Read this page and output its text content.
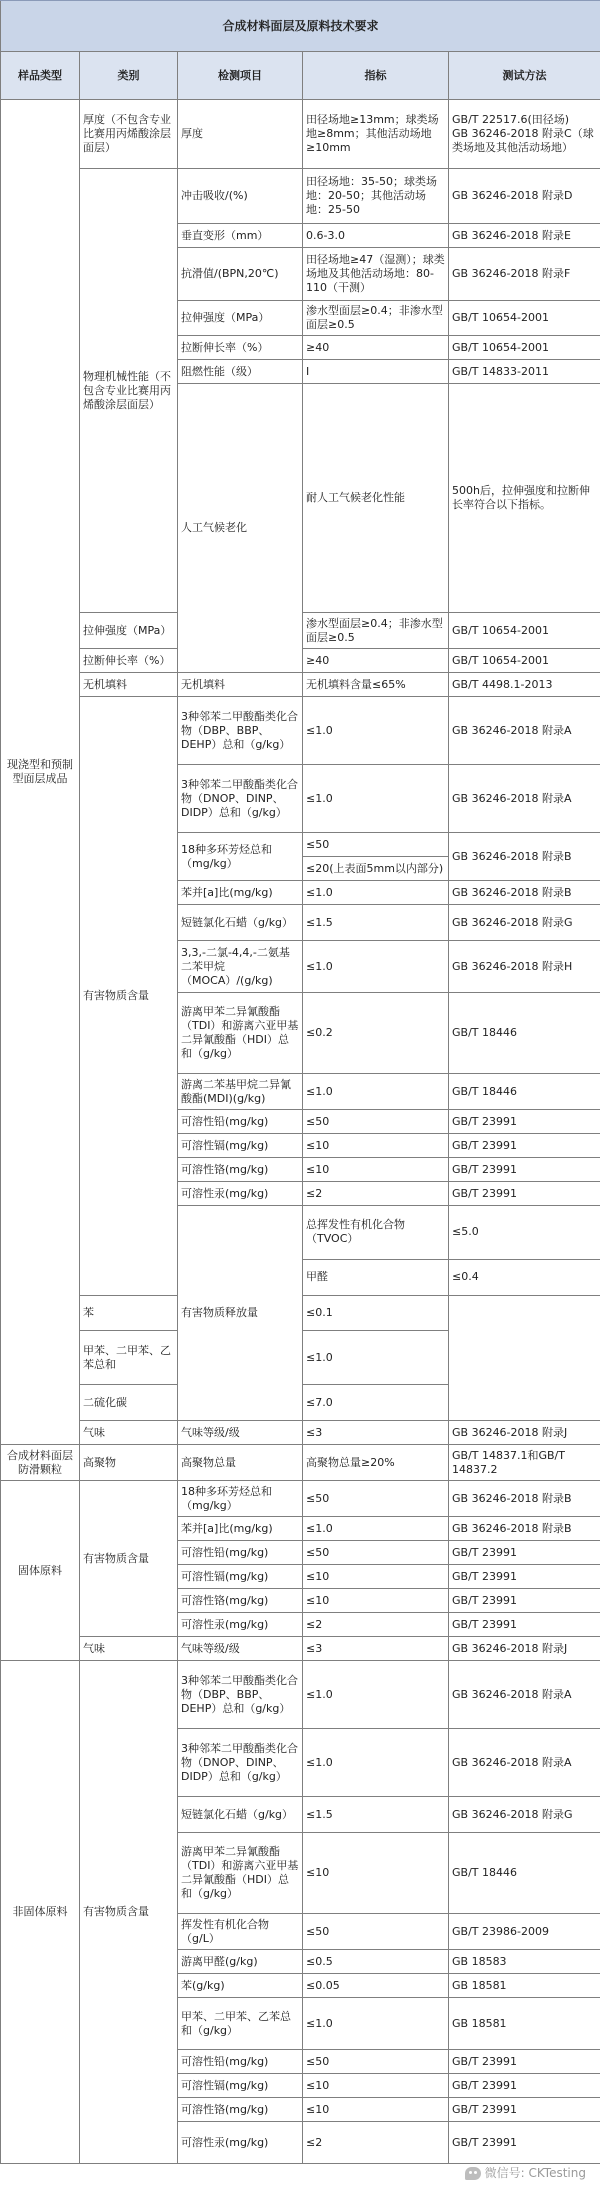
合成材料面层及原料技术要求					
样品类型	类别	检测项目	指标	测试方法	
现浇型和预制型面层成品	厚度（不包含专业比赛用丙烯酸涂层面层）	厚度	田径场地≥13mm；球类场地≥8mm；其他活动场地≥10mm	GB/T 22517.6(田径场)
GB 36246-2018 附录C（球类场地及其他活动场地）	
	物理机械性能（不包含专业比赛用丙烯酸涂层面层）	冲击吸收/(%)	田径场地：35-50；球类场地：20-50；其他活动场地：25-50	GB 36246-2018 附录D	
		垂直变形（mm）	0.6-3.0	GB 36246-2018 附录E	
		抗滑值/(BPN,20℃)	田径场地≥47（湿测）；球类场地及其他活动场地：80-110（干测）	GB 36246-2018 附录F	
		拉伸强度（MPa）	渗水型面层≥0.4；非渗水型面层≥0.5	GB/T 10654-2001	
		拉断伸长率（%）	≥40	GB/T 10654-2001	
		阻燃性能（级）	Ⅰ	GB/T 14833-2011	
		人工气候老化	耐人工气候老化性能	500h后，拉伸强度和拉断伸长率符合以下指标。	
	拉伸强度（MPa）		渗水型面层≥0.4；非渗水型面层≥0.5	GB/T 10654-2001	
	拉断伸长率（%）		≥40	GB/T 10654-2001	
	无机填料	无机填料	无机填料含量≤65%	GB/T 4498.1-2013	
	有害物质含量	3种邻苯二甲酸酯类化合物（DBP、BBP、DEHP）总和（g/kg）	≤1.0	GB 36246-2018 附录A	
		3种邻苯二甲酸酯类化合物（DNOP、DINP、DIDP）总和（g/kg）	≤1.0	GB 36246-2018 附录A	
		18种多环芳烃总和（mg/kg）	≤50	GB 36246-2018 附录B	
			≤20(上表面5mm以内部分)		
		苯并[a]比(mg/kg)	≤1.0	GB 36246-2018 附录B	
		短链氯化石蜡（g/kg）	≤1.5	GB 36246-2018 附录G	
		3,3,-二氯-4,4,-二氨基二苯甲烷（MOCA）/(g/kg)	≤1.0	GB 36246-2018 附录H	
		游离甲苯二异氰酸酯（TDI）和游离六亚甲基二异氰酸酯（HDI）总和（g/kg）	≤0.2	GB/T 18446	
		游离二苯基甲烷二异氰酸酯(MDI)(g/kg)	≤1.0	GB/T 18446	
		可溶性铅(mg/kg)	≤50	GB/T 23991	
		可溶性镉(mg/kg)	≤10	GB/T 23991	
		可溶性铬(mg/kg)	≤10	GB/T 23991	
		可溶性汞(mg/kg)	≤2	GB/T 23991	
		有害物质释放量	总挥发性有机化合物（TVOC）	≤5.0	
			甲醛	≤0.4	
	苯		≤0.1		
	甲苯、二甲苯、乙苯总和		≤1.0		
	二硫化碳		≤7.0		
	气味	气味等级/级	≤3	GB 36246-2018 附录J	
合成材料面层防滑颗粒	高聚物	高聚物总量	高聚物总量≥20%	GB/T 14837.1和GB/T 14837.2	
固体原料	有害物质含量	18种多环芳烃总和（mg/kg）	≤50	GB 36246-2018 附录B	
		苯并[a]比(mg/kg)	≤1.0	GB 36246-2018 附录B	
		可溶性铅(mg/kg)	≤50	GB/T 23991	
		可溶性镉(mg/kg)	≤10	GB/T 23991	
		可溶性铬(mg/kg)	≤10	GB/T 23991	
		可溶性汞(mg/kg)	≤2	GB/T 23991	
	气味	气味等级/级	≤3	GB 36246-2018 附录J	
非固体原料	有害物质含量	3种邻苯二甲酸酯类化合物（DBP、BBP、DEHP）总和（g/kg）	≤1.0	GB 36246-2018 附录A	
		3种邻苯二甲酸酯类化合物（DNOP、DINP、DIDP）总和（g/kg）	≤1.0	GB 36246-2018 附录A	
		短链氯化石蜡（g/kg）	≤1.5	GB 36246-2018 附录G	
		游离甲苯二异氰酸酯（TDI）和游离六亚甲基二异氰酸酯（HDI）总和（g/kg）	≤10	GB/T 18446	
		挥发性有机化合物（g/L）	≤50	GB/T 23986-2009	
		游离甲醛(g/kg)	≤0.5	GB 18583	
		苯(g/kg)	≤0.05	GB 18581	
		甲苯、二甲苯、乙苯总和（g/kg）	≤1.0	GB 18581	
		可溶性铅(mg/kg)	≤50	GB/T 23991	
		可溶性镉(mg/kg)	≤10	GB/T 23991	
		可溶性铬(mg/kg)	≤10	GB/T 23991	
		可溶性汞(mg/kg)	≤2	GB/T 23991	
微信号: CKTesting
